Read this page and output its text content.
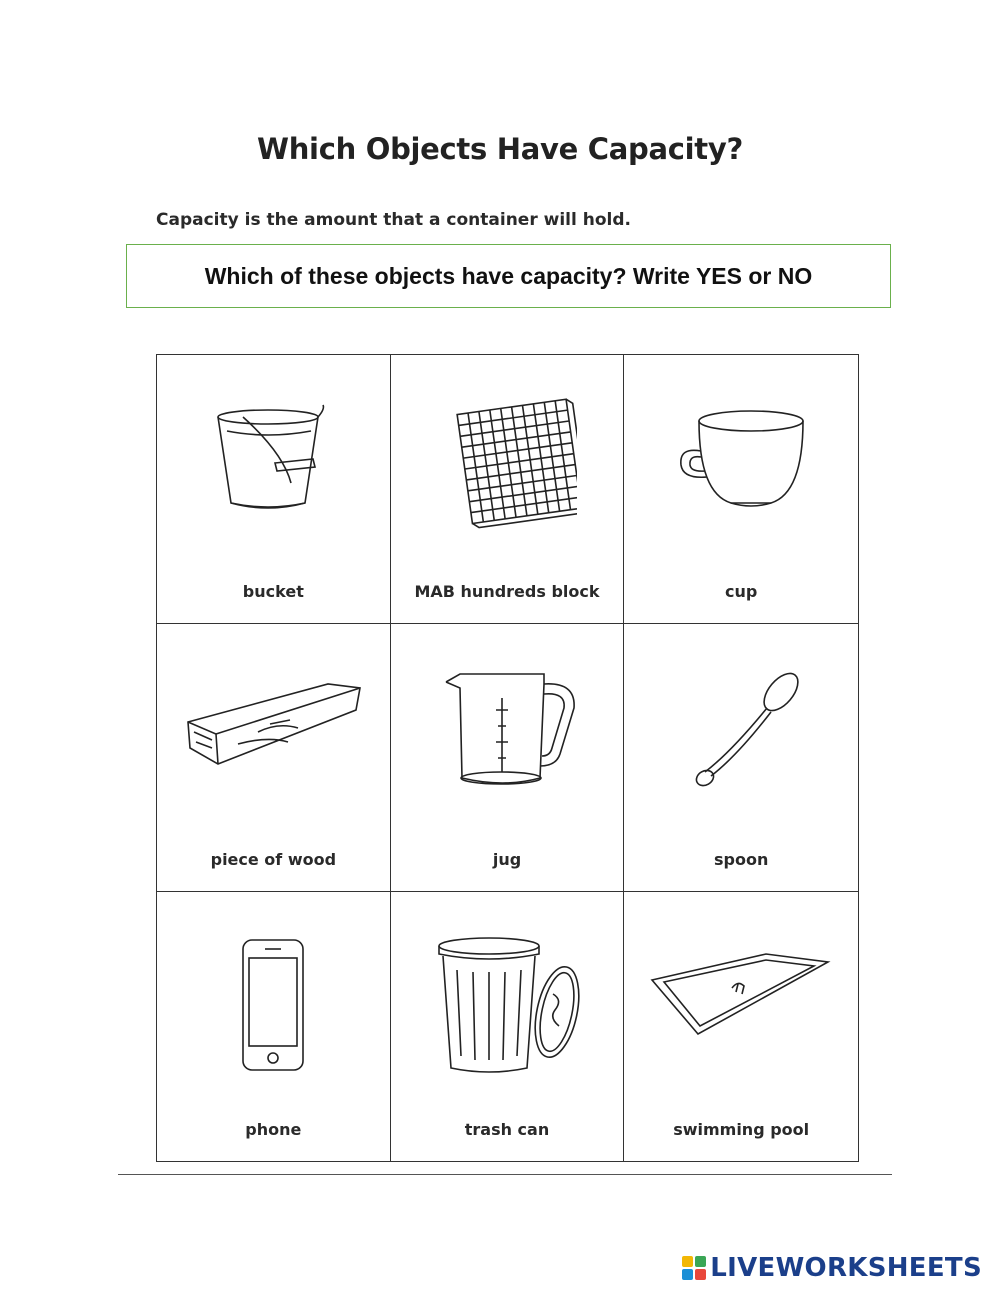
Which Objects Have Capacity?
Capacity is the amount that a container will hold.
Which of these objects have capacity? Write YES or NO
bucket	MAB hundreds block	cup
piece of wood	jug	spoon
phone	trash can	swimming pool
LIVEWORKSHEETS
